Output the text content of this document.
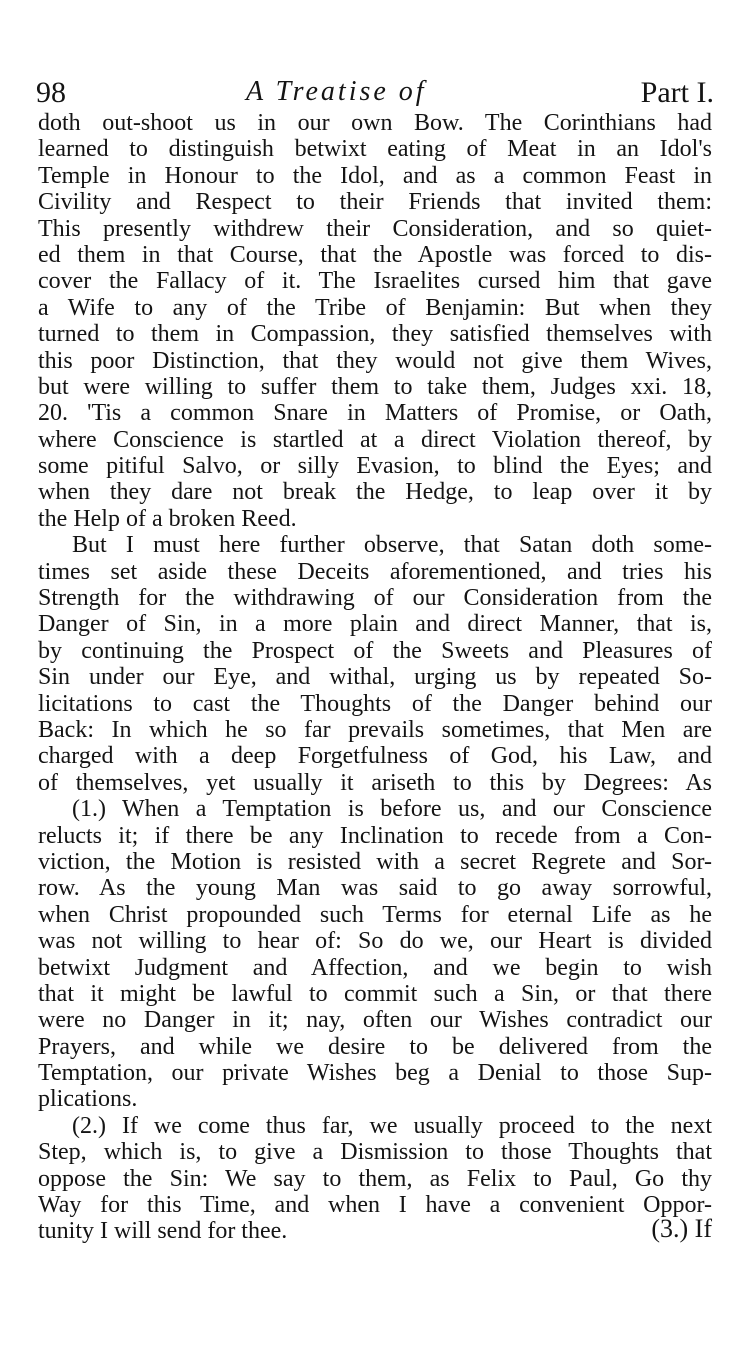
98	A Treatise of	Part I.
doth out-shoot us in our own Bow. The Corinthians had
learned to distinguish betwixt eating of Meat in an Idol's
Temple in Honour to the Idol, and as a common Feast in
Civility and Respect to their Friends that invited them:
This presently withdrew their Consideration, and so quiet-
ed them in that Course, that the Apostle was forced to dis-
cover the Fallacy of it. The Israelites cursed him that gave
a Wife to any of the Tribe of Benjamin: But when they
turned to them in Compassion, they satisfied themselves with
this poor Distinction, that they would not give them Wives,
but were willing to suffer them to take them, Judges xxi. 18,
20. 'Tis a common Snare in Matters of Promise, or Oath,
where Conscience is startled at a direct Violation thereof, by
some pitiful Salvo, or silly Evasion, to blind the Eyes; and
when they dare not break the Hedge, to leap over it by
the Help of a broken Reed.
But I must here further observe, that Satan doth some-
times set aside these Deceits aforementioned, and tries his
Strength for the withdrawing of our Consideration from the
Danger of Sin, in a more plain and direct Manner, that is,
by continuing the Prospect of the Sweets and Pleasures of
Sin under our Eye, and withal, urging us by repeated So-
licitations to cast the Thoughts of the Danger behind our
Back: In which he so far prevails sometimes, that Men are
charged with a deep Forgetfulness of God, his Law, and
of themselves, yet usually it ariseth to this by Degrees: As
(1.) When a Temptation is before us, and our Conscience
relucts it; if there be any Inclination to recede from a Con-
viction, the Motion is resisted with a secret Regrete and Sor-
row. As the young Man was said to go away sorrowful,
when Christ propounded such Terms for eternal Life as he
was not willing to hear of: So do we, our Heart is divided
betwixt Judgment and Affection, and we begin to wish
that it might be lawful to commit such a Sin, or that there
were no Danger in it; nay, often our Wishes contradict our
Prayers, and while we desire to be delivered from the
Temptation, our private Wishes beg a Denial to those Sup-
plications.
(2.) If we come thus far, we usually proceed to the next
Step, which is, to give a Dismission to those Thoughts that
oppose the Sin: We say to them, as Felix to Paul, Go thy
Way for this Time, and when I have a convenient Oppor-
tunity I will send for thee.	(3.) If
